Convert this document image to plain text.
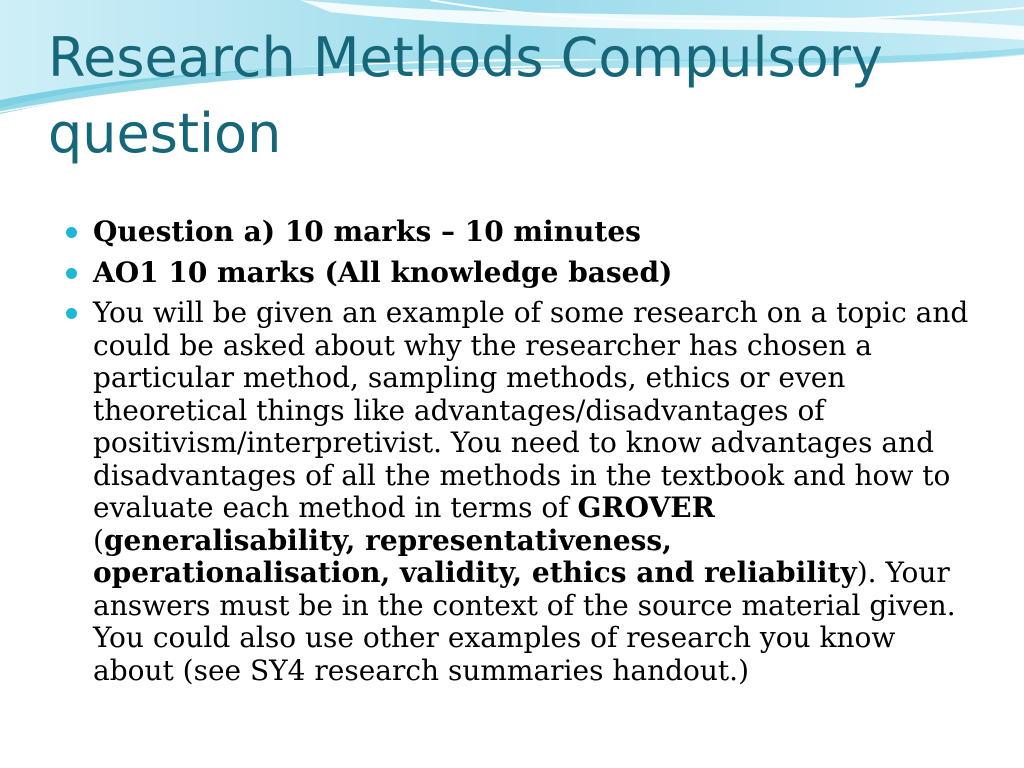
Research Methods Compulsory question
Question a) 10 marks – 10 minutes
AO1 10 marks (All knowledge based)
You will be given an example of some research on a topic and could be asked about why the researcher has chosen a particular method, sampling methods, ethics or even theoretical things like advantages/disadvantages of positivism/interpretivist. You need to know advantages and disadvantages of all the methods in the textbook and how to evaluate each method in terms of GROVER (generalisability, representativeness, operationalisation, validity, ethics and reliability). Your answers must be in the context of the source material given. You could also use other examples of research you know about (see SY4 research summaries handout.)
